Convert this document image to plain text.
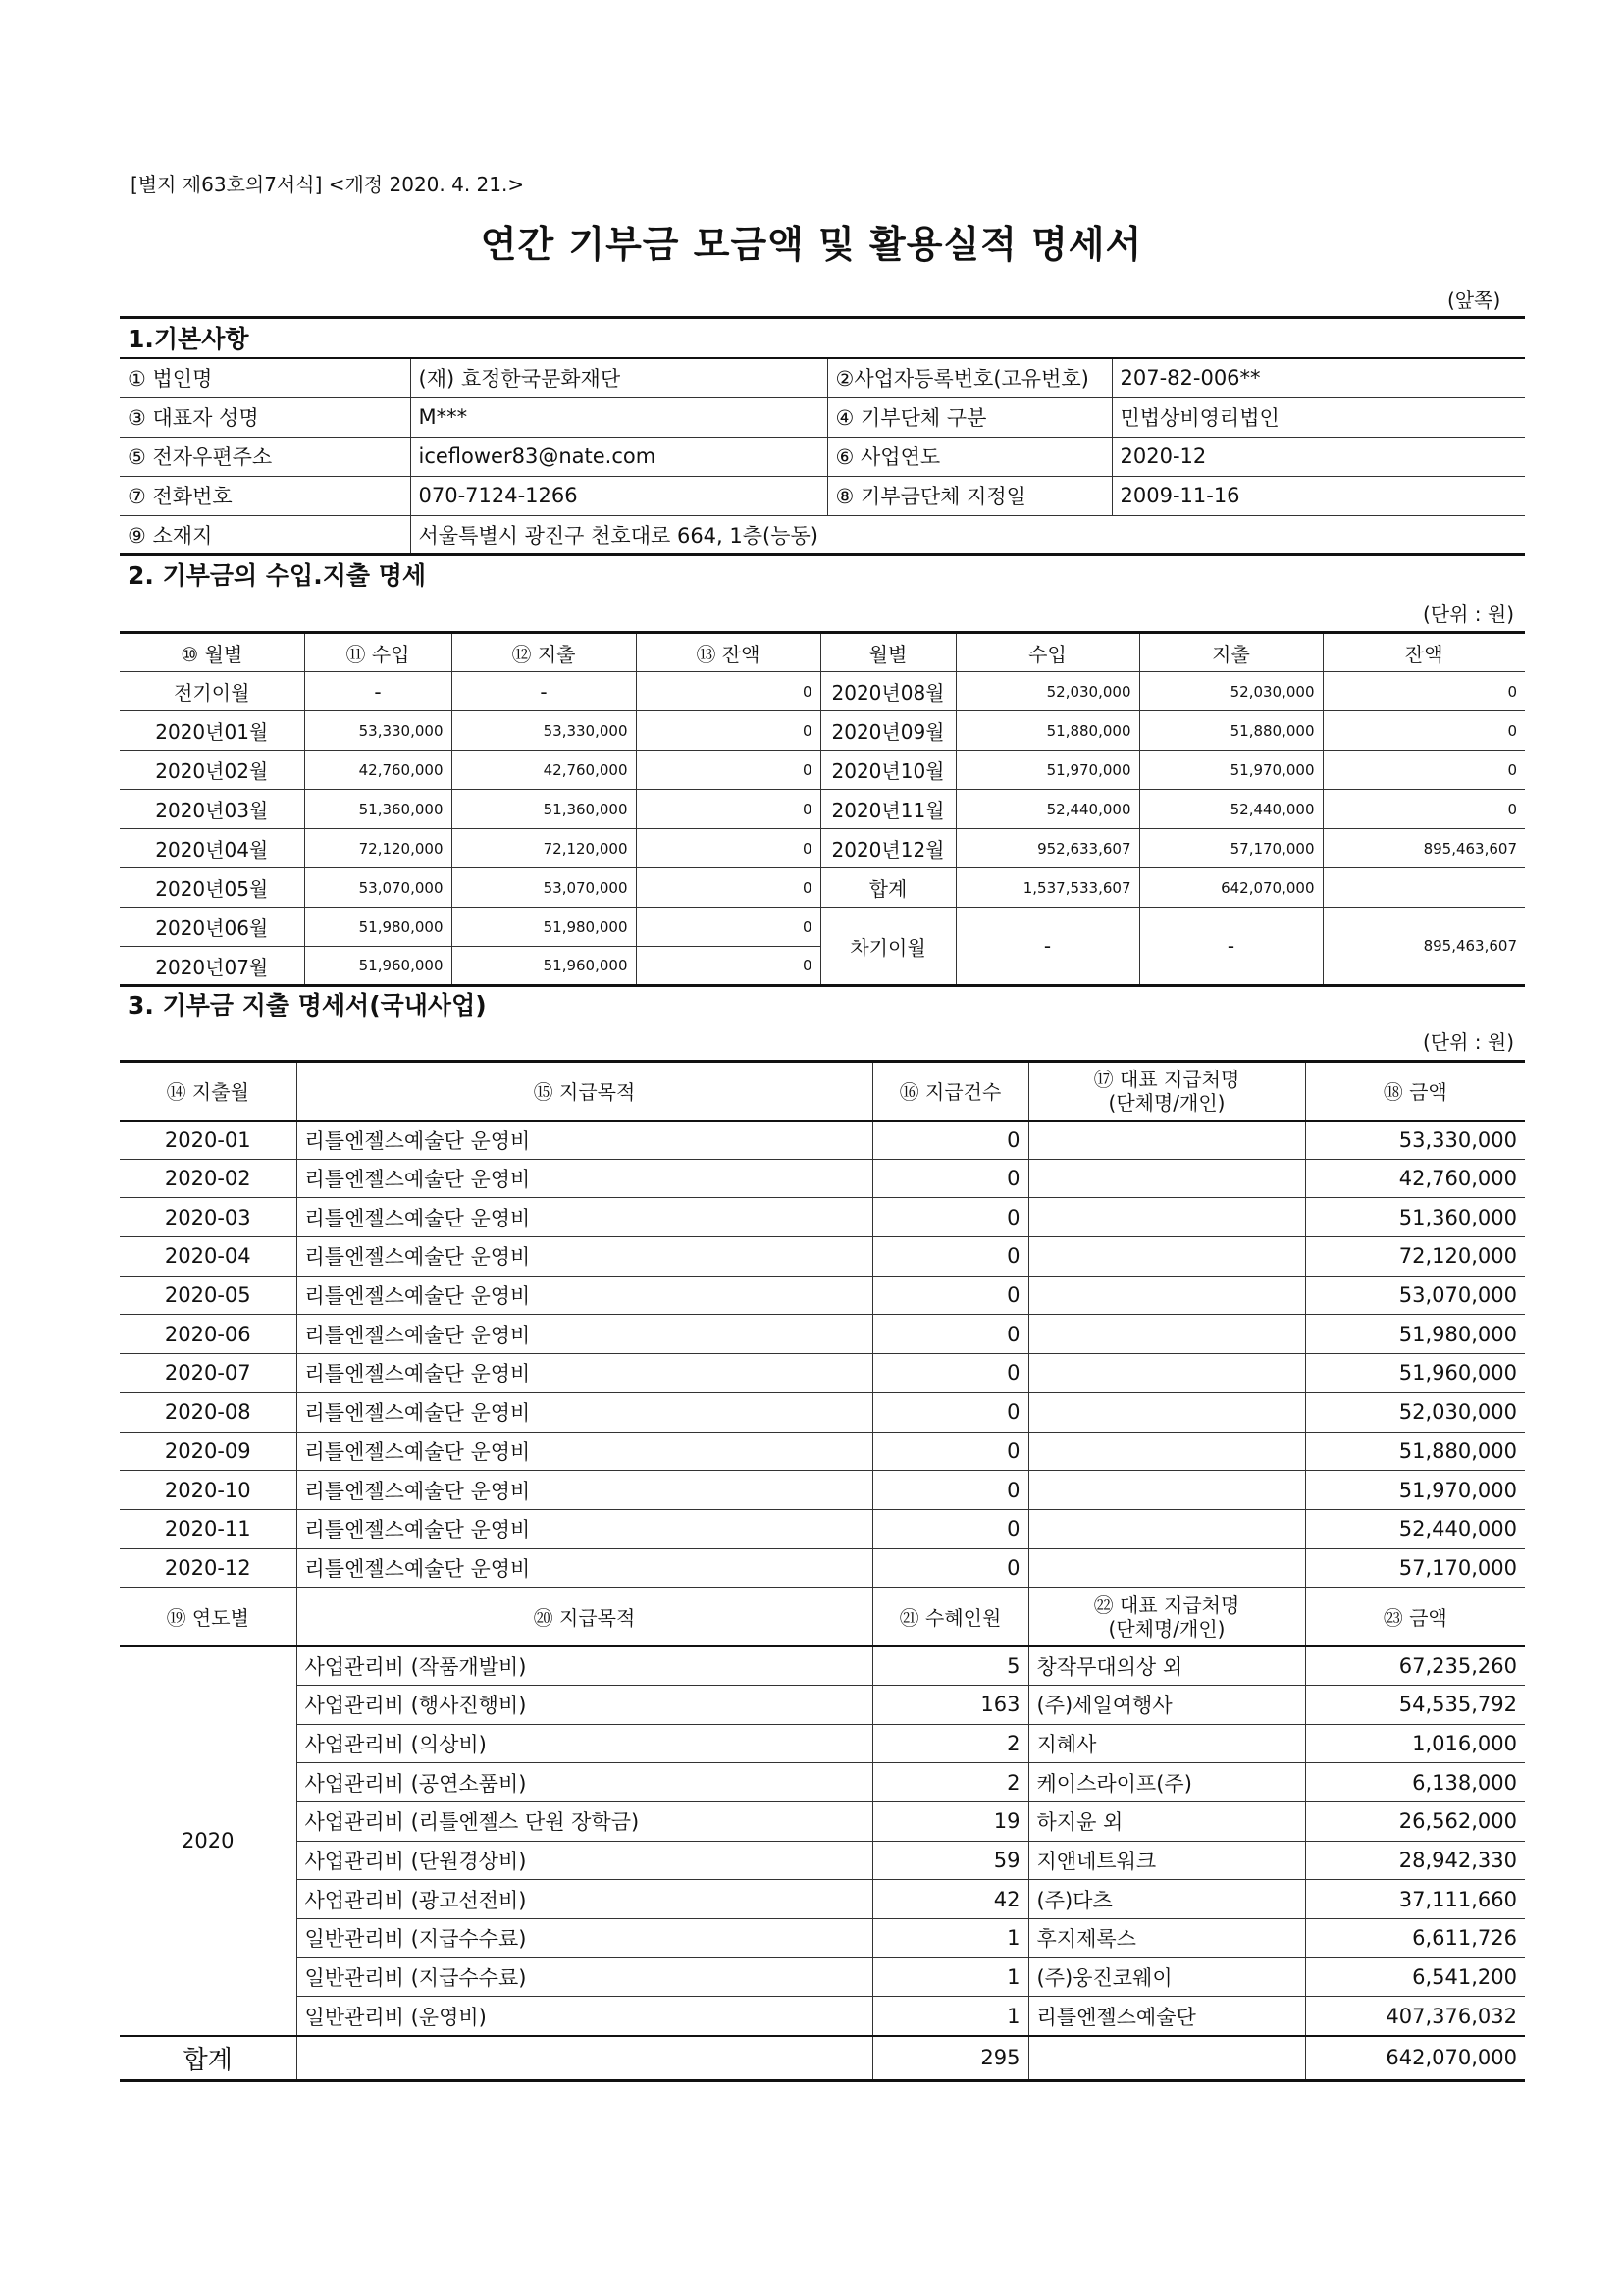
[별지 제63호의7서식] <개정 2020. 4. 21.>
연간 기부금 모금액 및 활용실적 명세서
(앞쪽)
1.기본사항
① 법인명	(재) 효정한국문화재단	②사업자등록번호(고유번호)	207-82-006**
③ 대표자 성명	M***	④ 기부단체 구분	민법상비영리법인
⑤ 전자우편주소	iceflower83@nate.com	⑥ 사업연도	2020-12
⑦ 전화번호	070-7124-1266	⑧ 기부금단체 지정일	2009-11-16
⑨ 소재지	서울특별시 광진구 천호대로 664, 1층(능동)		
2. 기부금의 수입.지출 명세
(단위 : 원)
⑩ 월별	⑪ 수입	⑫ 지출	⑬ 잔액	월별	수입	지출	잔액
전기이월	-	-	0	2020년08월	52,030,000	52,030,000	0
2020년01월	53,330,000	53,330,000	0	2020년09월	51,880,000	51,880,000	0
2020년02월	42,760,000	42,760,000	0	2020년10월	51,970,000	51,970,000	0
2020년03월	51,360,000	51,360,000	0	2020년11월	52,440,000	52,440,000	0
2020년04월	72,120,000	72,120,000	0	2020년12월	952,633,607	57,170,000	895,463,607
2020년05월	53,070,000	53,070,000	0	합계	1,537,533,607	642,070,000	
2020년06월	51,980,000	51,980,000	0	차기이월	-	-	895,463,607
2020년07월	51,960,000	51,960,000	0				
3. 기부금 지출 명세서(국내사업)
(단위 : 원)
⑭ 지출월	⑮ 지급목적	⑯ 지급건수	⑰ 대표 지급처명
(단체명/개인)	⑱ 금액
2020-01	리틀엔젤스예술단 운영비	0		53,330,000
2020-02	리틀엔젤스예술단 운영비	0		42,760,000
2020-03	리틀엔젤스예술단 운영비	0		51,360,000
2020-04	리틀엔젤스예술단 운영비	0		72,120,000
2020-05	리틀엔젤스예술단 운영비	0		53,070,000
2020-06	리틀엔젤스예술단 운영비	0		51,980,000
2020-07	리틀엔젤스예술단 운영비	0		51,960,000
2020-08	리틀엔젤스예술단 운영비	0		52,030,000
2020-09	리틀엔젤스예술단 운영비	0		51,880,000
2020-10	리틀엔젤스예술단 운영비	0		51,970,000
2020-11	리틀엔젤스예술단 운영비	0		52,440,000
2020-12	리틀엔젤스예술단 운영비	0		57,170,000
⑲ 연도별	⑳ 지급목적	㉑ 수혜인원	㉒ 대표 지급처명
(단체명/개인)	㉓ 금액
2020	사업관리비 (작품개발비)	5	창작무대의상 외	67,235,260
	사업관리비 (행사진행비)	163	(주)세일여행사	54,535,792
	사업관리비 (의상비)	2	지혜사	1,016,000
	사업관리비 (공연소품비)	2	케이스라이프(주)	6,138,000
	사업관리비 (리틀엔젤스 단원 장학금)	19	하지윤 외	26,562,000
	사업관리비 (단원경상비)	59	지앤네트워크	28,942,330
	사업관리비 (광고선전비)	42	(주)다츠	37,111,660
	일반관리비 (지급수수료)	1	후지제록스	6,611,726
	일반관리비 (지급수수료)	1	(주)웅진코웨이	6,541,200
	일반관리비 (운영비)	1	리틀엔젤스예술단	407,376,032
합계		295		642,070,000
